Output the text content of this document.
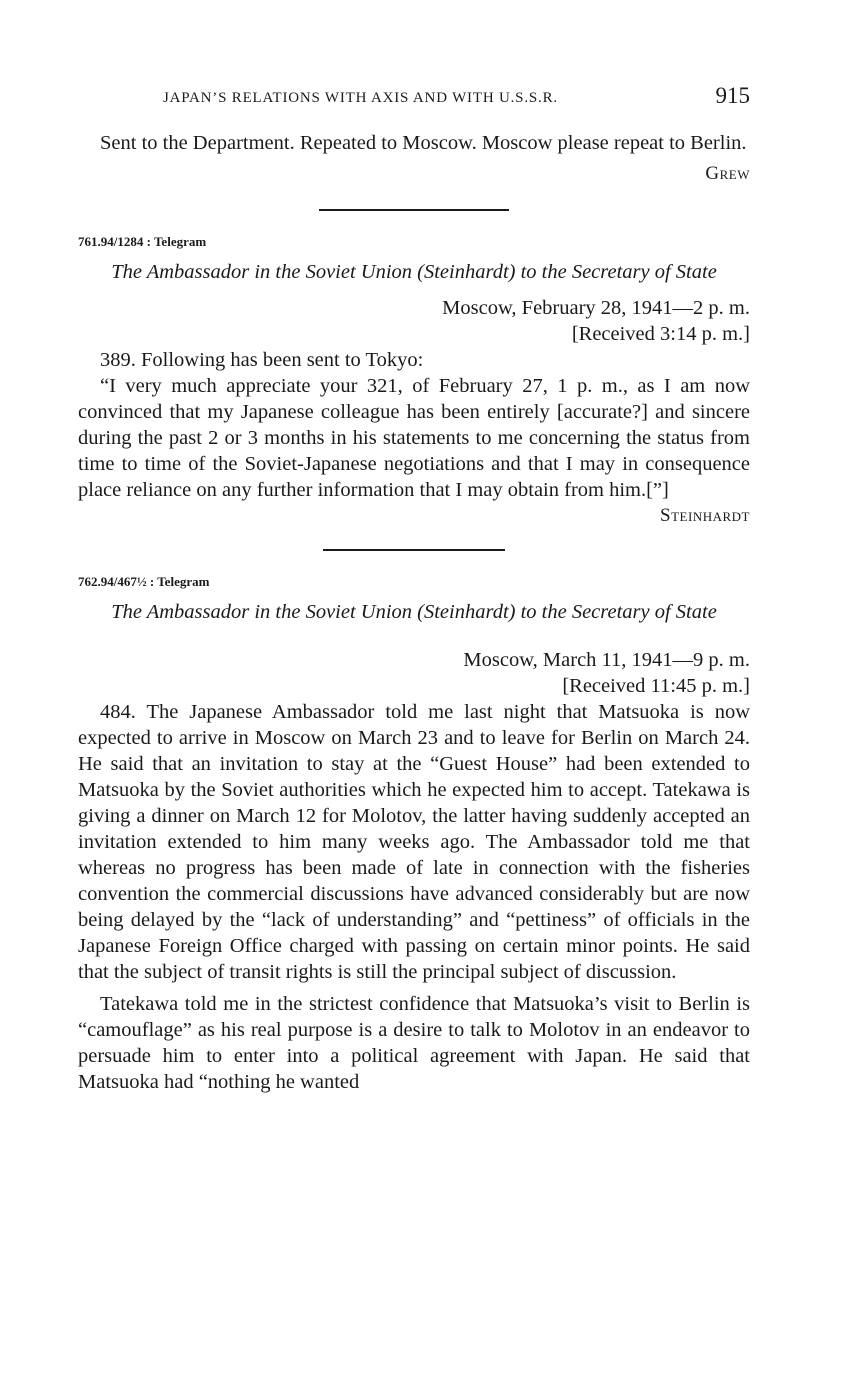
JAPAN’S RELATIONS WITH AXIS AND WITH U.S.S.R.	915

Sent to the Department. Repeated to Moscow. Moscow please repeat to Berlin.

Grew
761.94/1284 : Telegram
The Ambassador in the Soviet Union (Steinhardt) to the Secretary of State
Moscow, February 28, 1941—2 p. m.
[Received 3:14 p. m.]

389. Following has been sent to Tokyo:

“I very much appreciate your 321, of February 27, 1 p. m., as I am now convinced that my Japanese colleague has been entirely [accurate?] and sincere during the past 2 or 3 months in his statements to me concerning the status from time to time of the Soviet-Japanese negotiations and that I may in consequence place reliance on any further information that I may obtain from him.[”]

Steinhardt
762.94/467½ : Telegram
The Ambassador in the Soviet Union (Steinhardt) to the Secretary of State
Moscow, March 11, 1941—9 p. m.
[Received 11:45 p. m.]

484. The Japanese Ambassador told me last night that Matsuoka is now expected to arrive in Moscow on March 23 and to leave for Berlin on March 24. He said that an invitation to stay at the “Guest House” had been extended to Matsuoka by the Soviet authorities which he expected him to accept. Tatekawa is giving a dinner on March 12 for Molotov, the latter having suddenly accepted an invitation extended to him many weeks ago. The Ambassador told me that whereas no progress has been made of late in connection with the fisheries convention the commercial discussions have advanced considerably but are now being delayed by the “lack of understanding” and “pettiness” of officials in the Japanese Foreign Office charged with passing on certain minor points. He said that the subject of transit rights is still the principal subject of discussion.

Tatekawa told me in the strictest confidence that Matsuoka’s visit to Berlin is “camouflage” as his real purpose is a desire to talk to Molotov in an endeavor to persuade him to enter into a political agreement with Japan. He said that Matsuoka had “nothing he wanted
